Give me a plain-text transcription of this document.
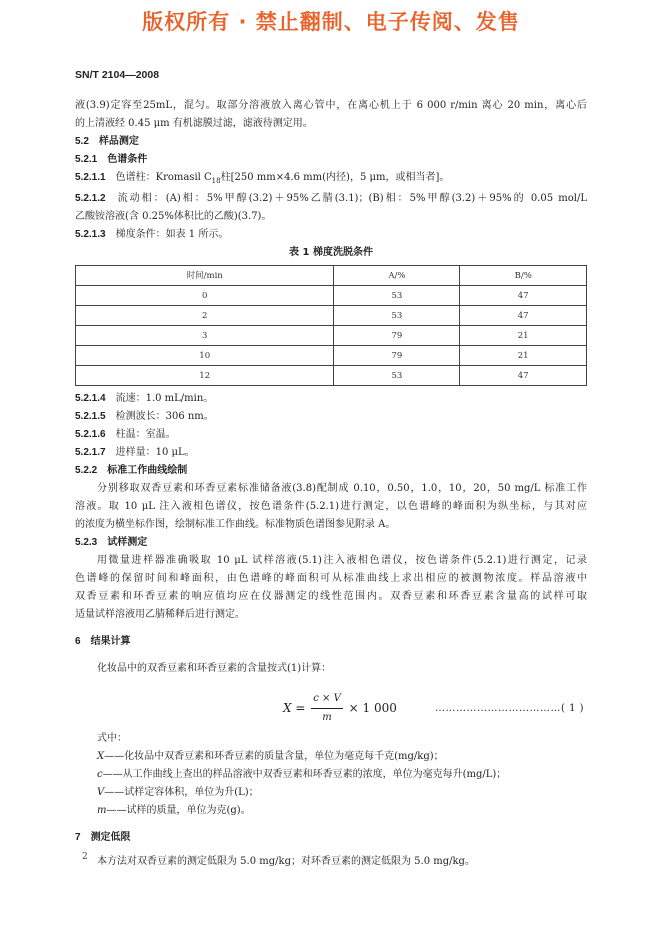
版权所有 · 禁止翻制、电子传阅、发售
SN/T 2104—2008
液(3.9)定容至25mL，混匀。取部分溶液放入离心管中，在离心机上于 6 000 r/min 离心 20 min，离心后
的上清液经 0.45 μm 有机滤膜过滤，滤液待测定用。
5.2 样品测定
5.2.1 色谱条件
5.2.1.1 色谱柱：Kromasil $C_{18}$柱[250 mm×4.6 mm(内径)，5 μm，或相当者]。
5.2.1.2 流动相：(A)相：5%甲醇(3.2)＋95%乙腈(3.1)；(B)相：5%甲醇(3.2)＋95%的 0.05 mol/L
乙酸铵溶液(含 0.25%体积比的乙酸)(3.7)。
5.2.1.3 梯度条件：如表 1 所示。
表 1 梯度洗脱条件
时间/min	A/%	B/%
0	53	47
2	53	47
3	79	21
10	79	21
12	53	47
5.2.1.4 流速：1.0 mL/min。
5.2.1.5 检测波长：306 nm。
5.2.1.6 柱温：室温。
5.2.1.7 进样量：10 μL。
5.2.2 标准工作曲线绘制
分别移取双香豆素和环香豆素标准储备液(3.8)配制成 0.10，0.50，1.0，10，20，50 mg/L 标准工作
溶液。取 10 μL 注入液相色谱仪，按色谱条件(5.2.1)进行测定，以色谱峰的峰面积为纵坐标，与其对应
的浓度为横坐标作图，绘制标准工作曲线。标准物质色谱图参见附录 A。
5.2.3 试样测定
用微量进样器准确吸取 10 μL 试样溶液(5.1)注入液相色谱仪，按色谱条件(5.2.1)进行测定，记录
色谱峰的保留时间和峰面积，由色谱峰的峰面积可从标准曲线上求出相应的被测物浓度。样品溶液中
双香豆素和环香豆素的响应值均应在仪器测定的线性范围内。双香豆素和环香豆素含量高的试样可取
适量试样溶液用乙腈稀释后进行测定。
6 结果计算
化妆品中的双香豆素和环香豆素的含量按式(1)计算：
$X = \frac{c \times V}{m} \times 1$ 000	………………………………( 1 )
式中：
X——化妆品中双香豆素和环香豆素的质量含量，单位为毫克每千克(mg/kg)；
c——从工作曲线上查出的样品溶液中双香豆素和环香豆素的浓度，单位为毫克每升(mg/L)；
V——试样定容体积，单位为升(L)；
m——试样的质量，单位为克(g)。
7 测定低限
本方法对双香豆素的测定低限为 5.0 mg/kg；对环香豆素的测定低限为 5.0 mg/kg。
2
